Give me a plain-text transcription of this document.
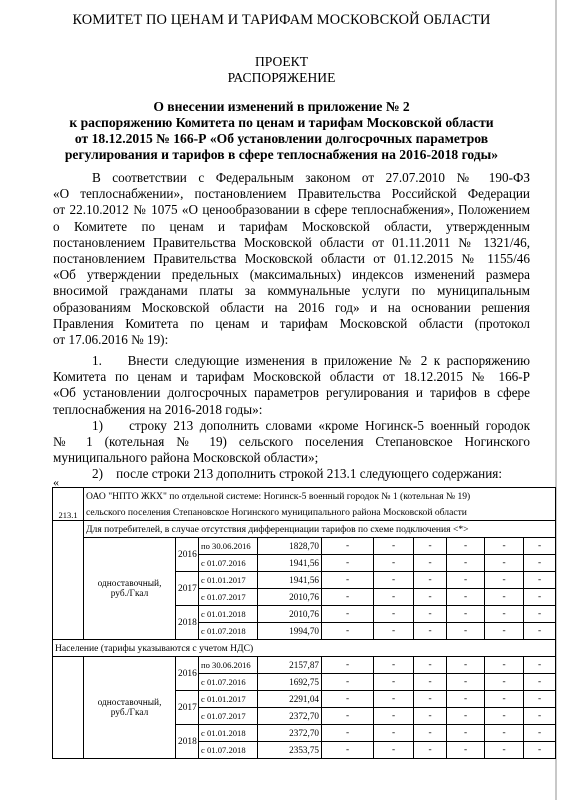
КОМИТЕТ ПО ЦЕНАМ И ТАРИФАМ МОСКОВСКОЙ ОБЛАСТИ
ПРОЕКТ
РАСПОРЯЖЕНИЕ
О внесении изменений в приложение № 2
к распоряжению Комитета по ценам и тарифам Московской области
от 18.12.2015 № 166-Р «Об установлении долгосрочных параметров
регулирования и тарифов в сфере теплоснабжения на 2016-2018 годы»
В соответствии с Федеральным законом от 27.07.2010 № 190-ФЗ
«О теплоснабжении», постановлением Правительства Российской Федерации
от 22.10.2012 № 1075 «О ценообразовании в сфере теплоснабжения», Положением
о Комитете по ценам и тарифам Московской области, утвержденным
постановлением Правительства Московской области от 01.11.2011 № 1321/46,
постановлением Правительства Московской области от 01.12.2015 № 1155/46
«Об утверждении предельных (максимальных) индексов изменений размера
вносимой гражданами платы за коммунальные услуги по муниципальным
образованиям Московской области на 2016 год» и на основании решения
Правления Комитета по ценам и тарифам Московской области (протокол
от 17.06.2016 № 19):
1.    Внести следующие изменения в приложение № 2 к распоряжению
Комитета по ценам и тарифам Московской области от 18.12.2015 № 166-Р
«Об установлении долгосрочных параметров регулирования и тарифов в сфере
теплоснабжения на 2016-2018 годы»:
1)    строку 213 дополнить словами «кроме Ногинск-5 военный городок
№ 1 (котельная № 19) сельского поселения Степановское Ногинского
муниципального района Московской области»;
2)    после строки 213 дополнить строкой 213.1 следующего содержания:
«
213.1	ОАО "НПТО ЖКХ" по отдельной системе: Ногинск-5 военный городок № 1 (котельная № 19)									
	сельского поселения Степановское Ногинского муниципального района Московской области									
	Для потребителей, в случае отсутствия дифференциации тарифов по схеме подключения <*>									
	одноставочный,
руб./Гкал	2016	по 30.06.2016	1828,70	-	-	-	-	-	-
			с 01.07.2016	1941,56	-	-	-	-	-	-
		2017	с 01.01.2017	1941,56	-	-	-	-	-	-
			с 01.07.2017	2010,76	-	-	-	-	-	-
		2018	с 01.01.2018	2010,76	-	-	-	-	-	-
			с 01.07.2018	1994,70	-	-	-	-	-	-
Население (тарифы указываются с учетом НДС)										
	одноставочный,
руб./Гкал	2016	по 30.06.2016	2157,87	-	-	-	-	-	-
			с 01.07.2016	1692,75	-	-	-	-	-	-
		2017	с 01.01.2017	2291,04	-	-	-	-	-	-
			с 01.07.2017	2372,70	-	-	-	-	-	-
		2018	с 01.01.2018	2372,70	-	-	-	-	-	-
			с 01.07.2018	2353,75	-	-	-	-	-	-
